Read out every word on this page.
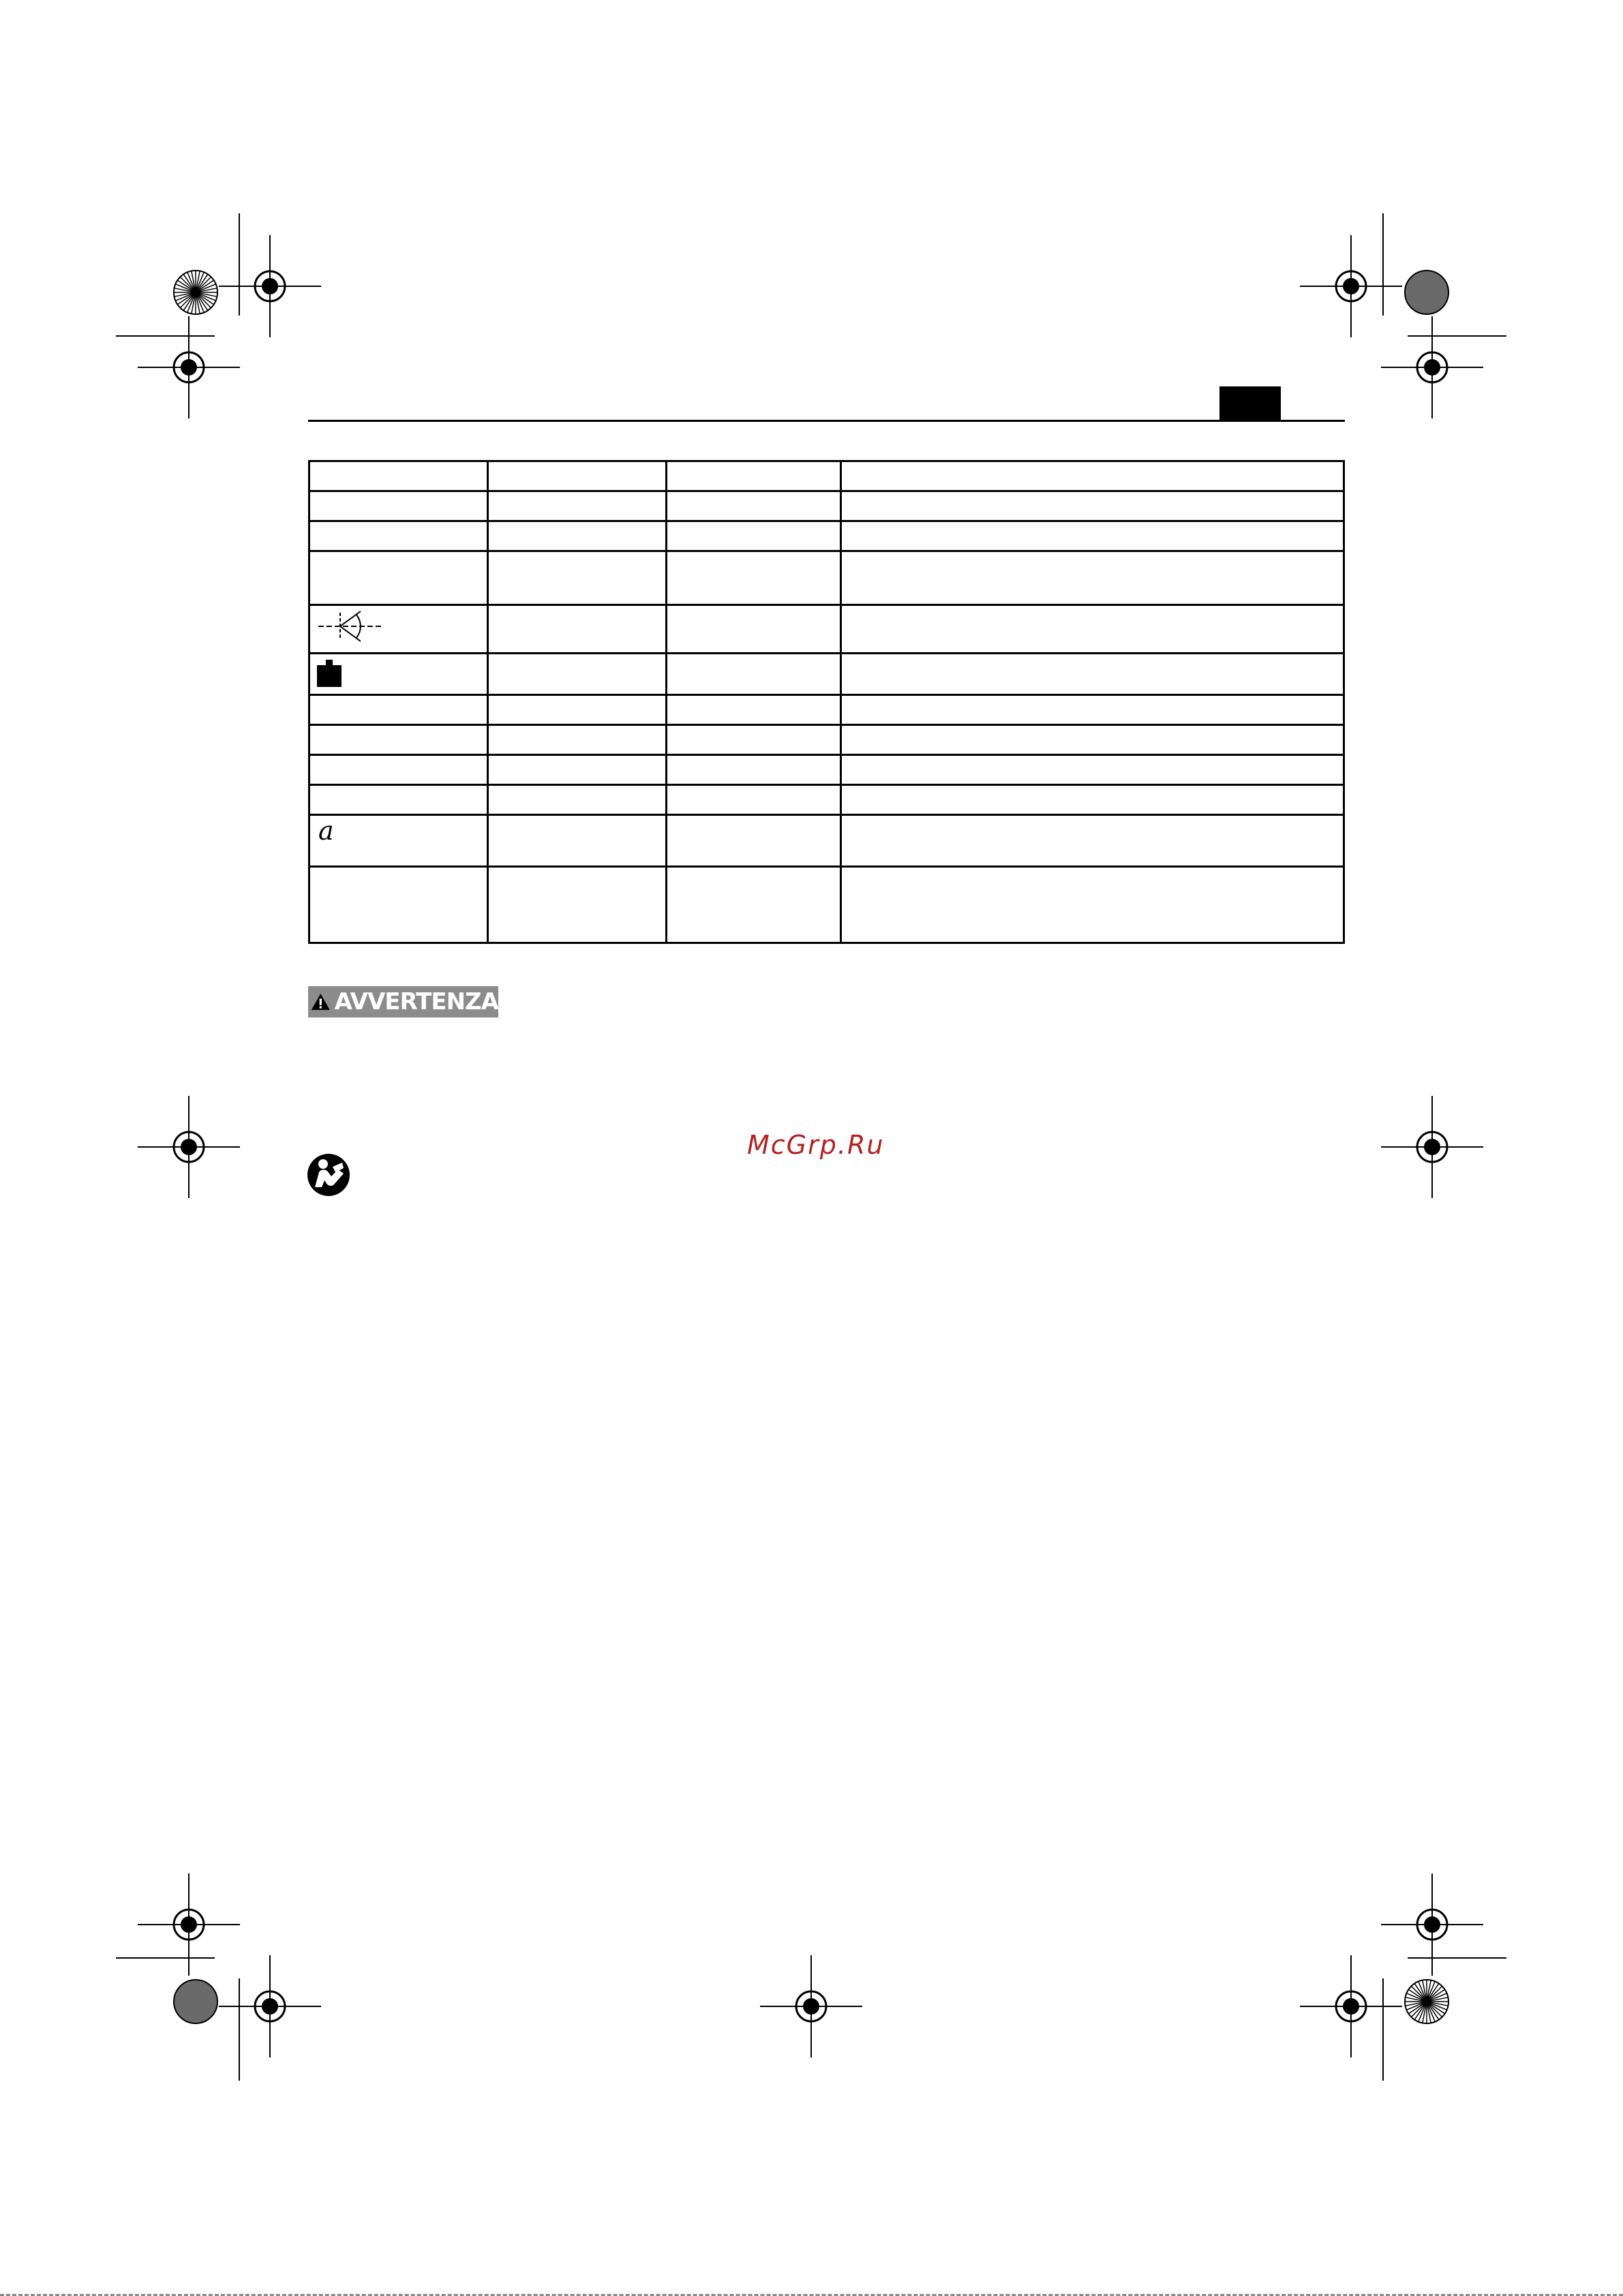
a			

AVVERTENZA
McGrp.Ru
